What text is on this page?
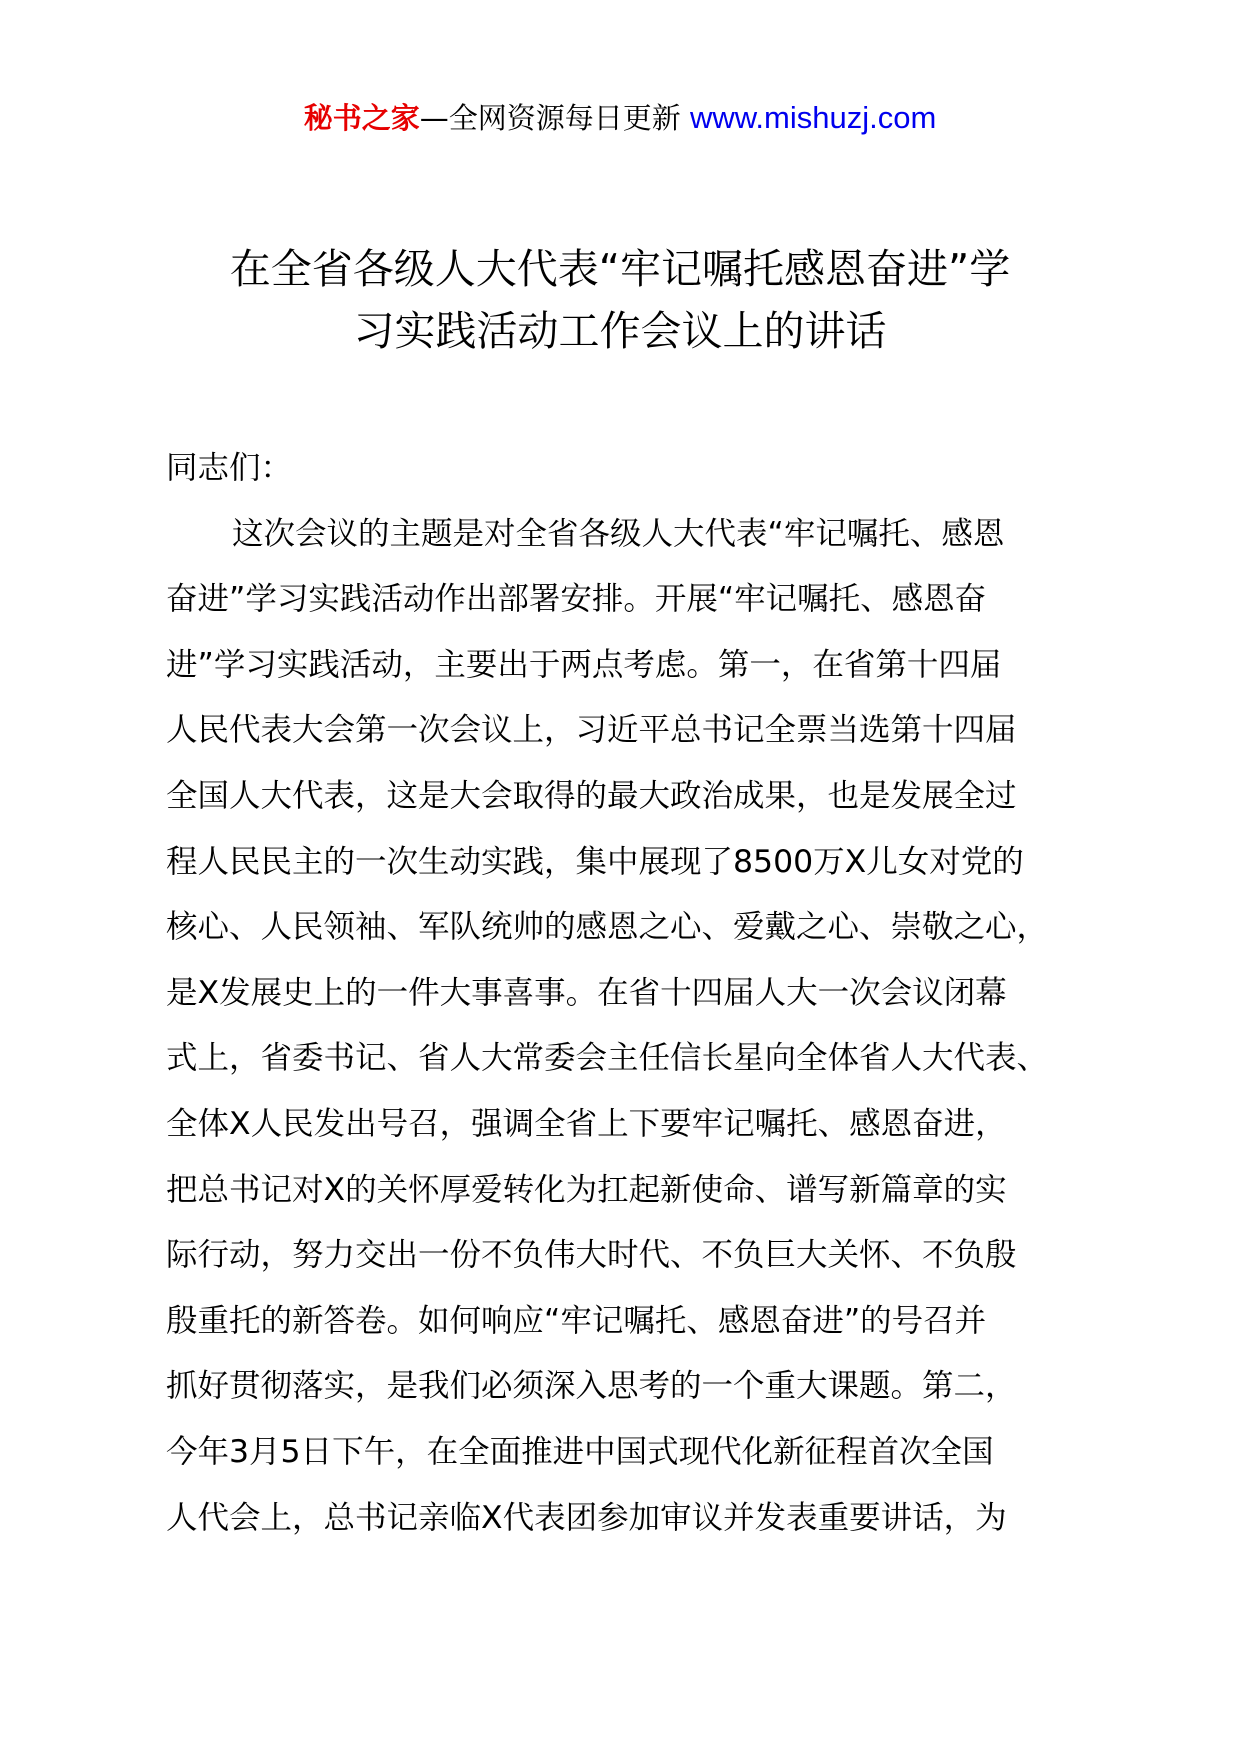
秘书之家—全网资源每日更新 www.mishuzj.com
在全省各级人大代表“牢记嘱托感恩奋进”学
习实践活动工作会议上的讲话
同志们：
这次会议的主题是对全省各级人大代表“牢记嘱托、感恩
奋进”学习实践活动作出部署安排。开展“牢记嘱托、感恩奋
进”学习实践活动，主要出于两点考虑。第一，在省第十四届
人民代表大会第一次会议上，习近平总书记全票当选第十四届
全国人大代表，这是大会取得的最大政治成果，也是发展全过
程人民民主的一次生动实践，集中展现了8500万X儿女对党的
核心、人民领袖、军队统帅的感恩之心、爱戴之心、崇敬之心，
是X发展史上的一件大事喜事。在省十四届人大一次会议闭幕
式上，省委书记、省人大常委会主任信长星向全体省人大代表、
全体X人民发出号召，强调全省上下要牢记嘱托、感恩奋进，
把总书记对X的关怀厚爱转化为扛起新使命、谱写新篇章的实
际行动，努力交出一份不负伟大时代、不负巨大关怀、不负殷
殷重托的新答卷。如何响应“牢记嘱托、感恩奋进”的号召并
抓好贯彻落实，是我们必须深入思考的一个重大课题。第二，
今年3月5日下午，在全面推进中国式现代化新征程首次全国
人代会上，总书记亲临X代表团参加审议并发表重要讲话，为
